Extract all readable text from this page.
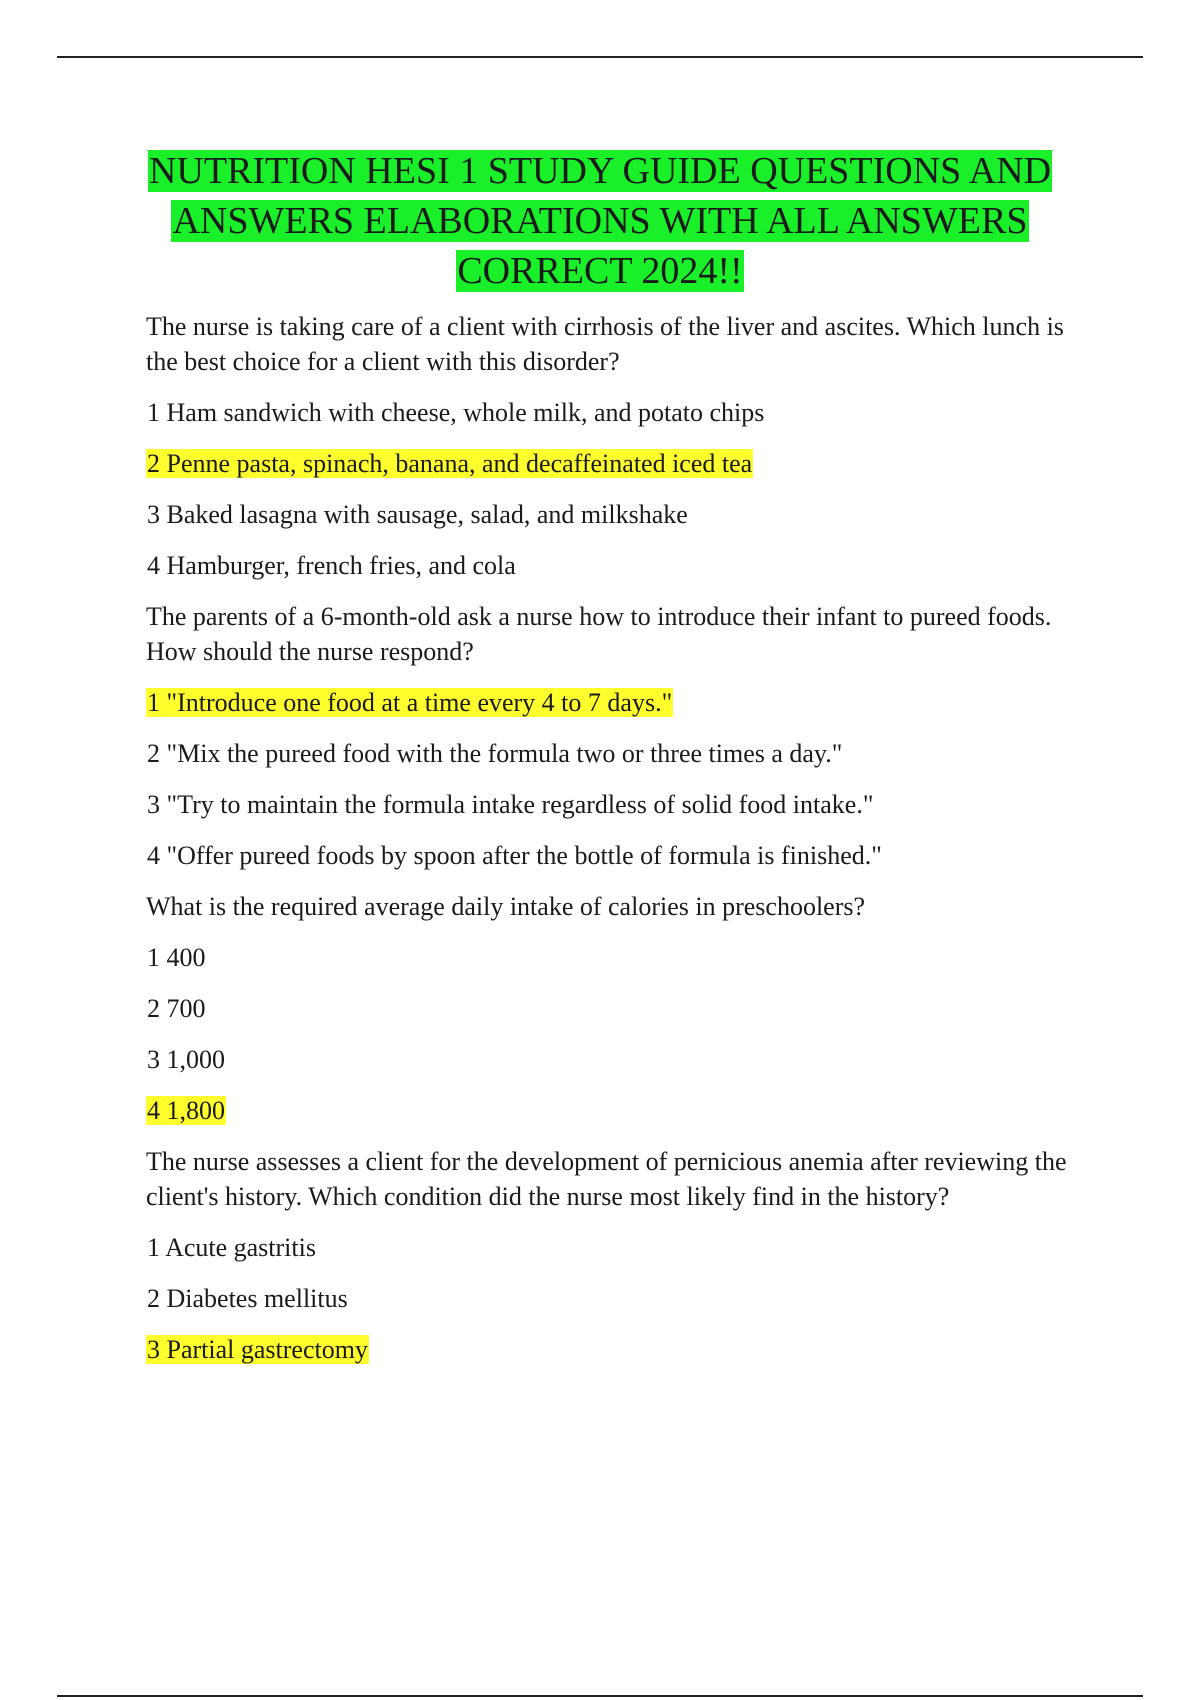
NUTRITION HESI 1 STUDY GUIDE QUESTIONS AND ANSWERS ELABORATIONS WITH ALL ANSWERS CORRECT 2024!!
The nurse is taking care of a client with cirrhosis of the liver and ascites. Which lunch is the best choice for a client with this disorder?
1 Ham sandwich with cheese, whole milk, and potato chips
2 Penne pasta, spinach, banana, and decaffeinated iced tea
3 Baked lasagna with sausage, salad, and milkshake
4 Hamburger, french fries, and cola
The parents of a 6-month-old ask a nurse how to introduce their infant to pureed foods. How should the nurse respond?
1 "Introduce one food at a time every 4 to 7 days."
2 "Mix the pureed food with the formula two or three times a day."
3 "Try to maintain the formula intake regardless of solid food intake."
4 "Offer pureed foods by spoon after the bottle of formula is finished."
What is the required average daily intake of calories in preschoolers?
1 400
2 700
3 1,000
4 1,800
The nurse assesses a client for the development of pernicious anemia after reviewing the client's history. Which condition did the nurse most likely find in the history?
1 Acute gastritis
2 Diabetes mellitus
3 Partial gastrectomy
